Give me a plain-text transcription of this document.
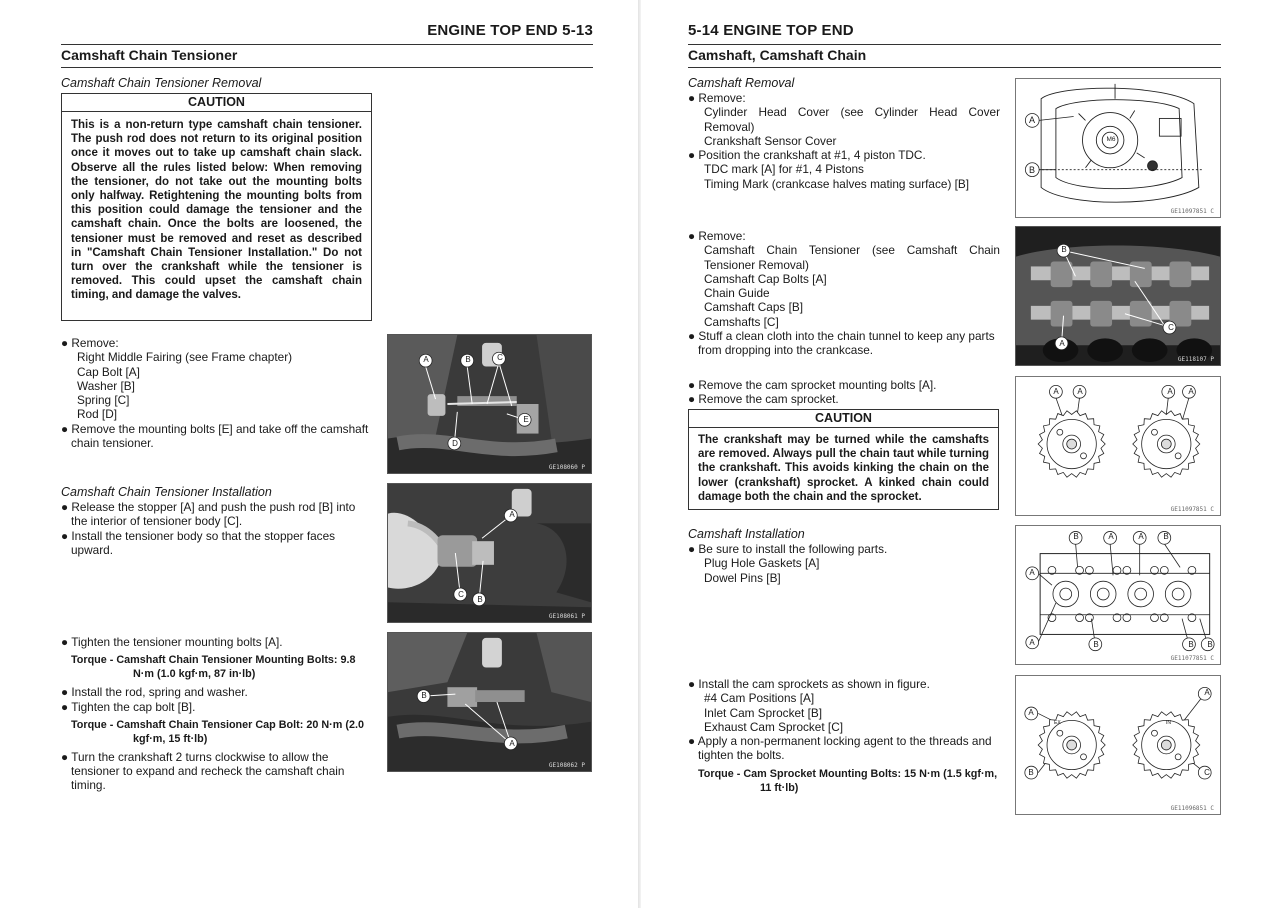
ENGINE TOP END 5-13
Camshaft Chain Tensioner
Camshaft Chain Tensioner Removal
CAUTION
This is a non-return type camshaft chain tensioner. The push rod does not return to its original position once it moves out to take up camshaft chain slack. Observe all the rules listed below: When removing the tensioner, do not take out the mounting bolts only halfway. Retightening the mounting bolts from this position could damage the tensioner and the camshaft chain. Once the bolts are loosened, the tensioner must be removed and reset as described in "Camshaft Chain Tensioner Installation." Do not turn over the crankshaft while the tensioner is removed. This could upset the camshaft chain timing, and damage the valves.
● Remove:
Right Middle Fairing (see Frame chapter)
Cap Bolt [A]
Washer [B]
Spring [C]
Rod [D]
● Remove the mounting bolts [E] and take off the camshaft chain tensioner.
A	B	C
E
D
GE108060 P
Camshaft Chain Tensioner Installation
● Release the stopper [A] and push the push rod [B] into the interior of tensioner body [C].
● Install the tensioner body so that the stopper faces upward.
A
C
B
GE108061 P
● Tighten the tensioner mounting bolts [A].
Torque - Camshaft Chain Tensioner Mounting Bolts: 9.8
N·m (1.0 kgf·m, 87 in·lb)
● Install the rod, spring and washer.
● Tighten the cap bolt [B].
Torque - Camshaft Chain Tensioner Cap Bolt: 20 N·m (2.0
kgf·m, 15 ft·lb)
● Turn the crankshaft 2 turns clockwise to allow the tensioner to expand and recheck the camshaft chain timing.
B
A
GE108062 P
5-14 ENGINE TOP END
Camshaft, Camshaft Chain
Camshaft Removal
● Remove:
Cylinder Head Cover (see Cylinder Head Cover Removal)
Crankshaft Sensor Cover
● Position the crankshaft at #1, 4 piston TDC.
TDC mark [A] for #1, 4 Pistons
Timing Mark (crankcase halves mating surface) [B]
A
B
M6
GE11097851 C
● Remove:
Camshaft Chain Tensioner (see Camshaft Chain Tensioner Removal)
Camshaft Cap Bolts [A]
Chain Guide
Camshaft Caps [B]
Camshafts [C]
● Stuff a clean cloth into the chain tunnel to keep any parts from dropping into the crankcase.
B
C
A
GE118107 P
● Remove the cam sprocket mounting bolts [A].
● Remove the cam sprocket.
CAUTION
The crankshaft may be turned while the camshafts are removed. Always pull the chain taut while turning the crankshaft. This avoids kinking the chain on the lower (crankshaft) sprocket. A kinked chain could damage both the chain and the sprocket.
A	A	A	A
GE11097851 C
Camshaft Installation
● Be sure to install the following parts.
Plug Hole Gaskets [A]
Dowel Pins [B]
B	A	A	B
A
A	B	B	B
GE11077851 C
● Install the cam sprockets as shown in figure.
#4 Cam Positions [A]
Inlet Cam Sprocket [B]
Exhaust Cam Sprocket [C]
● Apply a non-permanent locking agent to the threads and tighten the bolts.
Torque - Cam Sprocket Mounting Bolts: 15 N·m (1.5 kgf·m,
11 ft·lb)
A
A
B	C
EX	IN
GE11096851 C
